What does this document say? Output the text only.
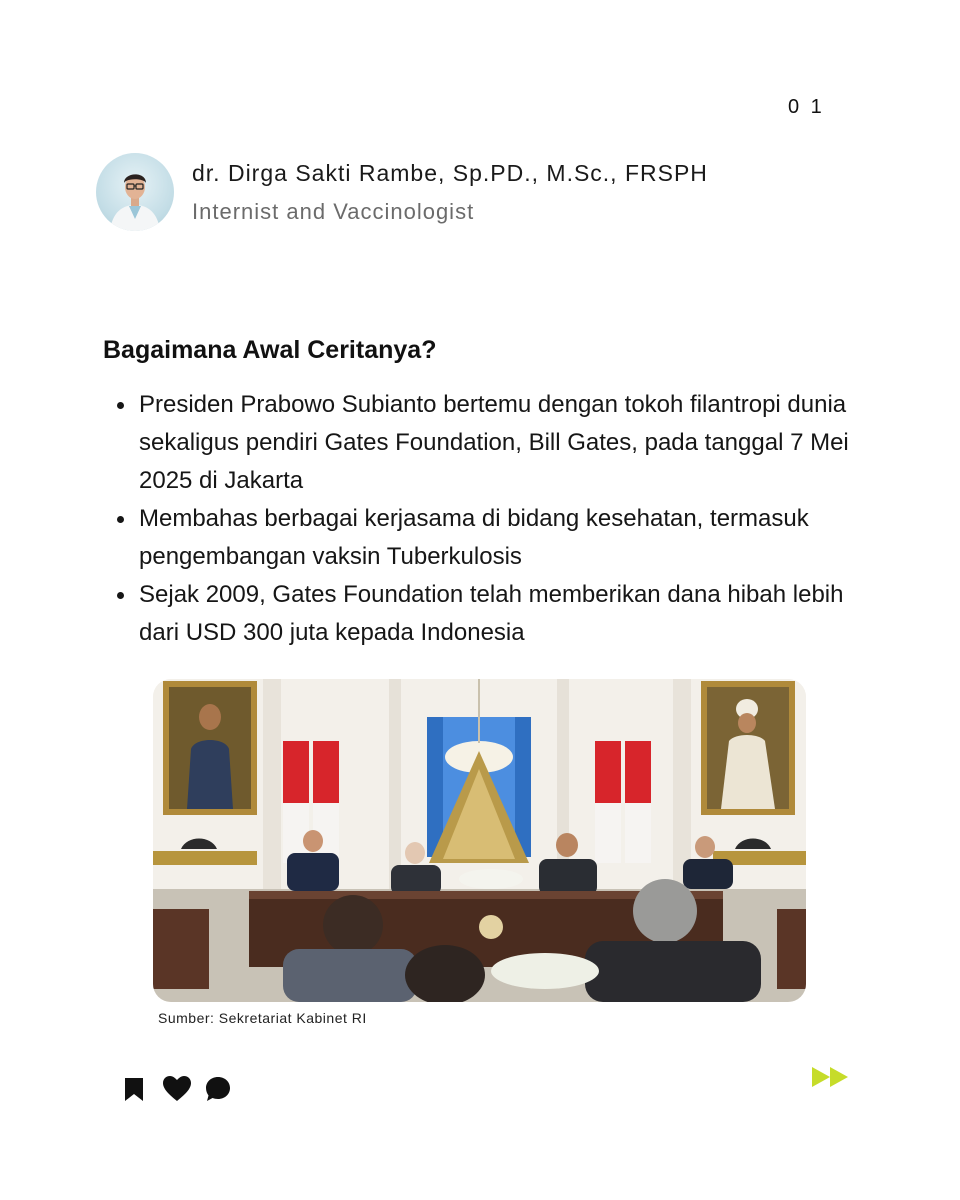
0 1
dr. Dirga Sakti Rambe, Sp.PD., M.Sc., FRSPH
Internist and Vaccinologist
Bagaimana Awal Ceritanya?
Presiden Prabowo Subianto bertemu dengan tokoh filantropi dunia sekaligus pendiri Gates Foundation, Bill Gates, pada tanggal 7 Mei 2025 di Jakarta
Membahas berbagai kerjasama di bidang kesehatan, termasuk pengembangan vaksin Tuberkulosis
Sejak 2009, Gates Foundation telah memberikan dana hibah lebih dari USD 300 juta kepada Indonesia
Sumber: Sekretariat Kabinet RI
